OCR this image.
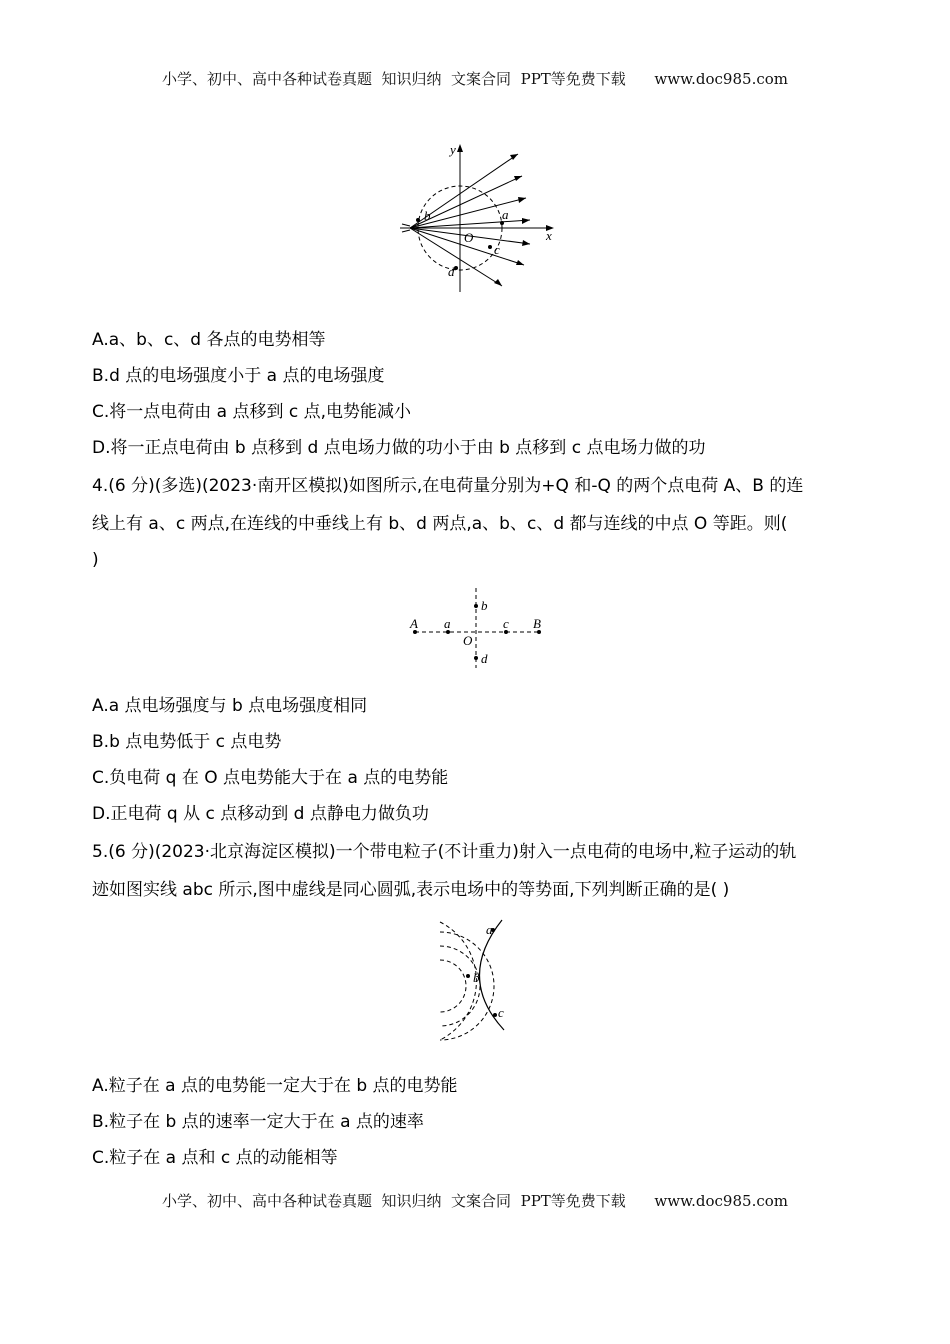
小学、初中、高中各种试卷真题  知识归纳  文案合同  PPT等免费下载      www.doc985.com
y
x
O
a
b
c
d
A.a、b、c、d 各点的电势相等
B.d 点的电场强度小于 a 点的电场强度
C.将一点电荷由 a 点移到 c 点,电势能减小
D.将一正点电荷由 b 点移到 d 点电场力做的功小于由 b 点移到 c 点电场力做的功
4.(6 分)(多选)(2023·南开区模拟)如图所示,在电荷量分别为+Q 和-Q 的两个点电荷 A、B 的连
线上有 a、c 两点,在连线的中垂线上有 b、d 两点,a、b、c、d 都与连线的中点 O 等距。则(
)
A a	c B
b
O
d
A.a 点电场强度与 b 点电场强度相同
B.b 点电势低于 c 点电势
C.负电荷 q 在 O 点电势能大于在 a 点的电势能
D.正电荷 q 从 c 点移动到 d 点静电力做负功
5.(6 分)(2023·北京海淀区模拟)一个带电粒子(不计重力)射入一点电荷的电场中,粒子运动的轨
迹如图实线 abc 所示,图中虚线是同心圆弧,表示电场中的等势面,下列判断正确的是( )
a
b
c
A.粒子在 a 点的电势能一定大于在 b 点的电势能
B.粒子在 b 点的速率一定大于在 a 点的速率
C.粒子在 a 点和 c 点的动能相等
小学、初中、高中各种试卷真题  知识归纳  文案合同  PPT等免费下载      www.doc985.com
